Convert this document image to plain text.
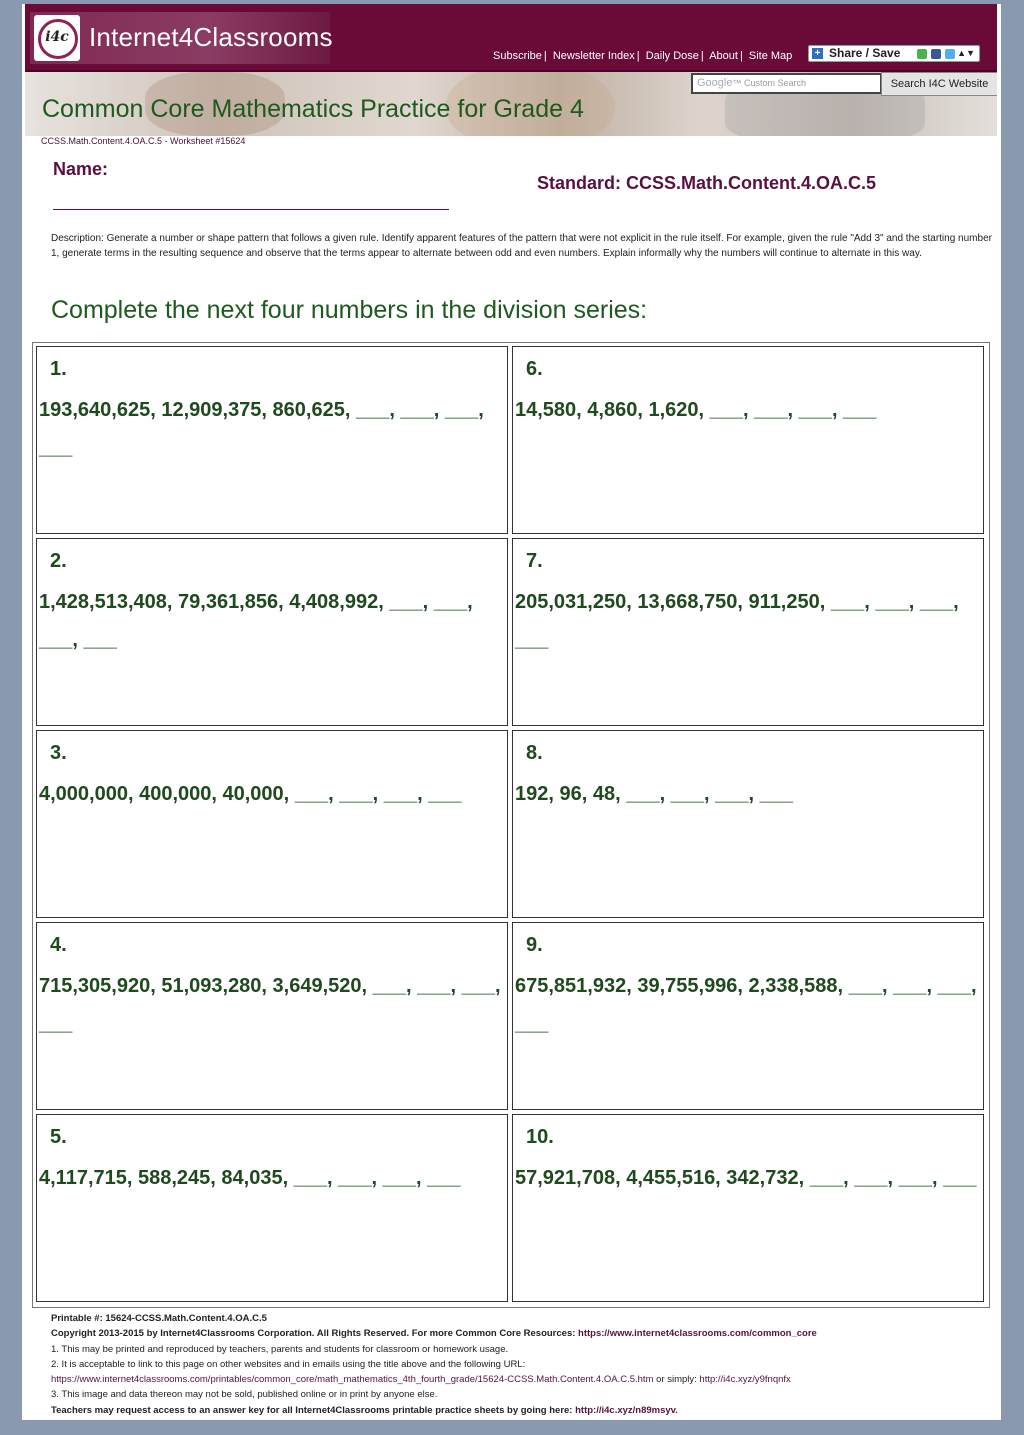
i4c Internet4Classrooms
Subscribe | Newsletter Index | Daily Dose | About | Site Map + Share / Save	▲▼
Common Core Mathematics Practice for Grade 4
Google™ Custom Search	Search I4C Website
CCSS.Math.Content.4.OA.C.5 - Worksheet #15624
Name:
Standard: CCSS.Math.Content.4.OA.C.5
Description: Generate a number or shape pattern that follows a given rule. Identify apparent features of the pattern that were not explicit in the rule itself. For example, given the rule "Add 3" and the starting number 1, generate terms in the resulting sequence and observe that the terms appear to alternate between odd and even numbers. Explain informally why the numbers will continue to alternate in this way.
Complete the next four numbers in the division series:
1.
193,640,625, 12,909,375, 860,625, ___, ___, ___, ___
6.
14,580, 4,860, 1,620, ___, ___, ___, ___
2.
1,428,513,408, 79,361,856, 4,408,992, ___, ___, ___, ___
7.
205,031,250, 13,668,750, 911,250, ___, ___, ___, ___
3.
4,000,000, 400,000, 40,000, ___, ___, ___, ___
8.
192, 96, 48, ___, ___, ___, ___
4.
715,305,920, 51,093,280, 3,649,520, ___, ___, ___, ___
9.
675,851,932, 39,755,996, 2,338,588, ___, ___, ___, ___
5.
4,117,715, 588,245, 84,035, ___, ___, ___, ___
10.
57,921,708, 4,455,516, 342,732, ___, ___, ___, ___
Printable #: 15624-CCSS.Math.Content.4.OA.C.5
Copyright 2013-2015 by Internet4Classrooms Corporation. All Rights Reserved. For more Common Core Resources: https://www.internet4classrooms.com/common_core
1. This may be printed and reproduced by teachers, parents and students for classroom or homework usage.
2. It is acceptable to link to this page on other websites and in emails using the title above and the following URL:
https://www.internet4classrooms.com/printables/common_core/math_mathematics_4th_fourth_grade/15624-CCSS.Math.Content.4.OA.C.5.htm or simply: http://i4c.xyz/y9fnqnfx
3. This image and data thereon may not be sold, published online or in print by anyone else.
Teachers may request access to an answer key for all Internet4Classrooms printable practice sheets by going here: http://i4c.xyz/n89msyv.
